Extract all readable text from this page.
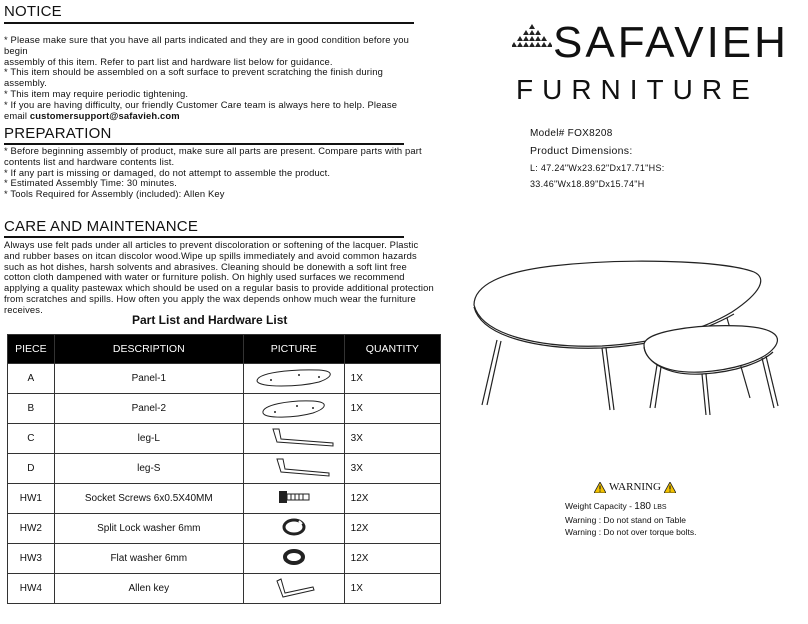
NOTICE
* Please make sure that you have all parts indicated and they are in good condition before you begin
assembly of this item. Refer to part list and hardware list below for guidance.
* This item should be assembled on a soft surface to prevent scratching the finish during
assembly.
* This item may require periodic tightening.
* If you are having difficulty, our friendly Customer Care team is always here to help. Please
email customersupport@safavieh.com
PREPARATION
* Before beginning assembly of product, make sure all parts are present. Compare parts with part
contents list and hardware contents list.
* If any part is missing or damaged, do not attempt to assemble the product.
* Estimated Assembly Time: 30 minutes.
* Tools Required for Assembly (included): Allen Key
CARE AND MAINTENANCE
Always use felt pads under all articles to prevent discoloration or softening of the lacquer. Plastic
and rubber bases on itcan discolor wood.Wipe up spills immediately and avoid common hazards
such as hot dishes, harsh solvents and abrasives. Cleaning should be donewith a soft lint free
cotton cloth dampened with water or furniture polish. On highly used surfaces we recommend
applying a quality pastewax which should be used on a regular basis to provide additional protection
from scratches and spills. How often you apply the wax depends onhow much wear the furniture
receives.
SAFAVIEH
FURNITURE
Model# FOX8208
Product Dimensions:
L: 47.24"Wx23.62"Dx17.71"HS:
33.46"Wx18.89"Dx15.74"H
Part List and Hardware List
PIECE	DESCRIPTION	PICTURE	QUANTITY
A	Panel-1		1X
B	Panel-2		1X
C	leg-L		3X
D	leg-S		3X
HW1	Socket Screws 6x0.5X40MM		12X
HW2	Split Lock washer 6mm		12X
HW3	Flat washer 6mm		12X
HW4	Allen key		1X
WARNING
Weight Capacity - 180 LBS
Warning : Do not stand on Table
Warning : Do not over torque bolts.
